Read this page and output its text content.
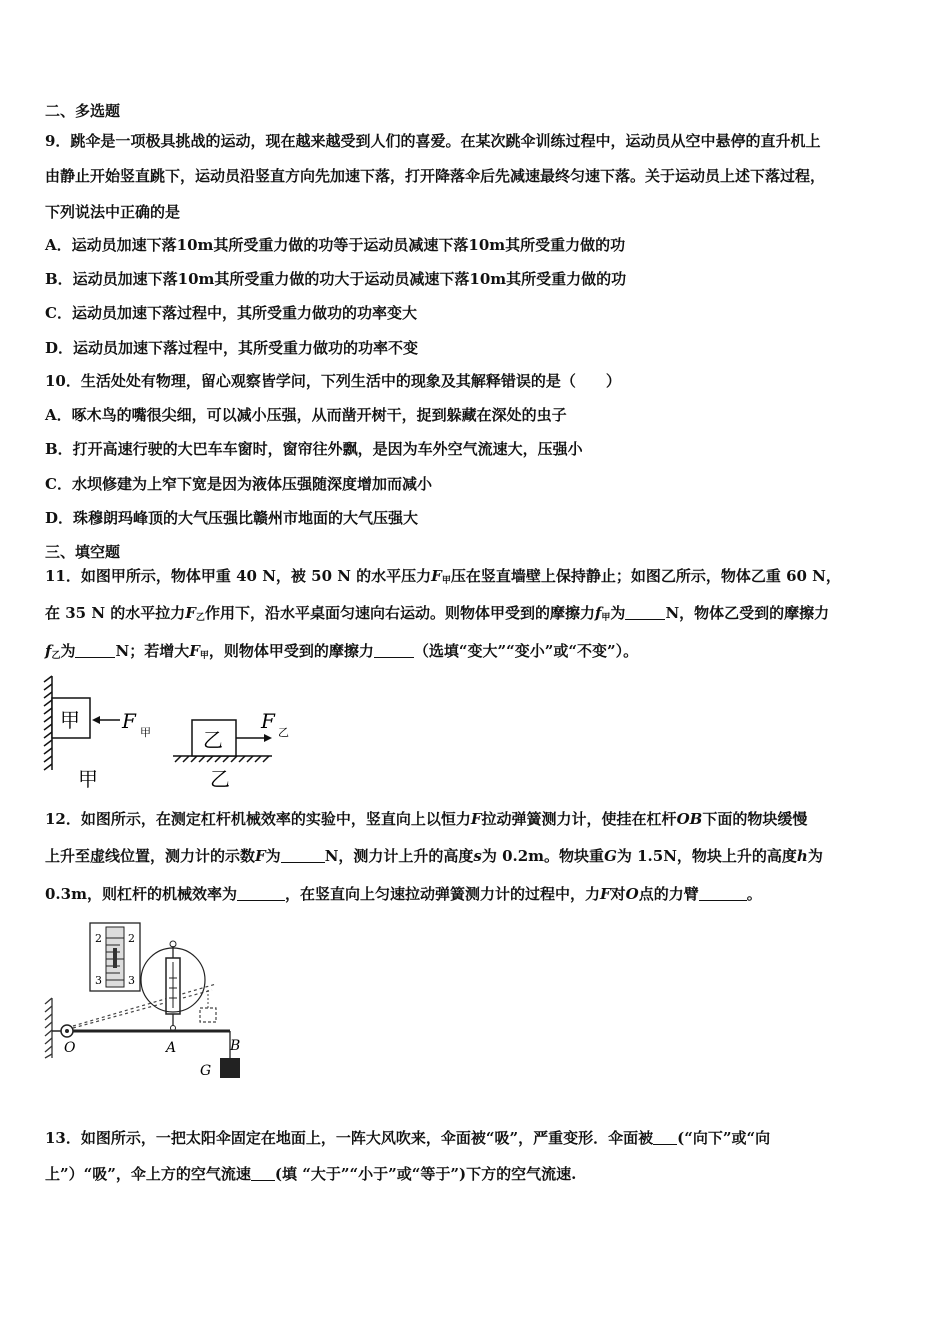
二、多选题
9．跳伞是一项极具挑战的运动，现在越来越受到人们的喜爱。在某次跳伞训练过程中，运动员从空中悬停的直升机上
由静止开始竖直跳下，运动员沿竖直方向先加速下落，打开降落伞后先减速最终匀速下落。关于运动员上述下落过程，
下列说法中正确的是
A．运动员加速下落10m其所受重力做的功等于运动员减速下落10m其所受重力做的功
B．运动员加速下落10m其所受重力做的功大于运动员减速下落10m其所受重力做的功
C．运动员加速下落过程中，其所受重力做功的功率变大
D．运动员加速下落过程中，其所受重力做功的功率不变
10．生活处处有物理，留心观察皆学问，下列生活中的现象及其解释错误的是（　　）
A．啄木鸟的嘴很尖细，可以减小压强，从而凿开树干，捉到躲藏在深处的虫子
B．打开高速行驶的大巴车车窗时，窗帘往外飘，是因为车外空气流速大，压强小
C．水坝修建为上窄下宽是因为液体压强随深度增加而减小
D．珠穆朗玛峰顶的大气压强比赣州市地面的大气压强大
三、填空题
11．如图甲所示，物体甲重 40 N，被 50 N 的水平压力$F_甲$压在竖直墙壁上保持静止；如图乙所示，物体乙重 60 N，
在 35 N 的水平拉力$F_乙$作用下，沿水平桌面匀速向右运动。则物体甲受到的摩擦力$f_甲$为	N，物体乙受到的摩擦力
$f_乙$为	N；若增大$F_甲$，则物体甲受到的摩擦力	（选填“变大”“变小”或“不变”）。
甲 F 甲
甲
乙
F 乙
乙
12．如图所示，在测定杠杆机械效率的实验中，竖直向上以恒力F拉动弹簧测力计，使挂在杠杆OB下面的物块缓慢
上升至虚线位置，测力计的示数F为	N，测力计上升的高度s为 0.2m。物块重G为 1.5N，物块上升的高度h为
0.3m，则杠杆的机械效率为	，在竖直向上匀速拉动弹簧测力计的过程中，力F对O点的力臂	。
2
3
2
3
O	A	B
G
13．如图所示，一把太阳伞固定在地面上，一阵大风吹来，伞面被“吸”，严重变形．伞面被 (“向下”或“向
上”）“吸”，伞上方的空气流速 (填 “大于”“小于”或“等于”)下方的空气流速.
